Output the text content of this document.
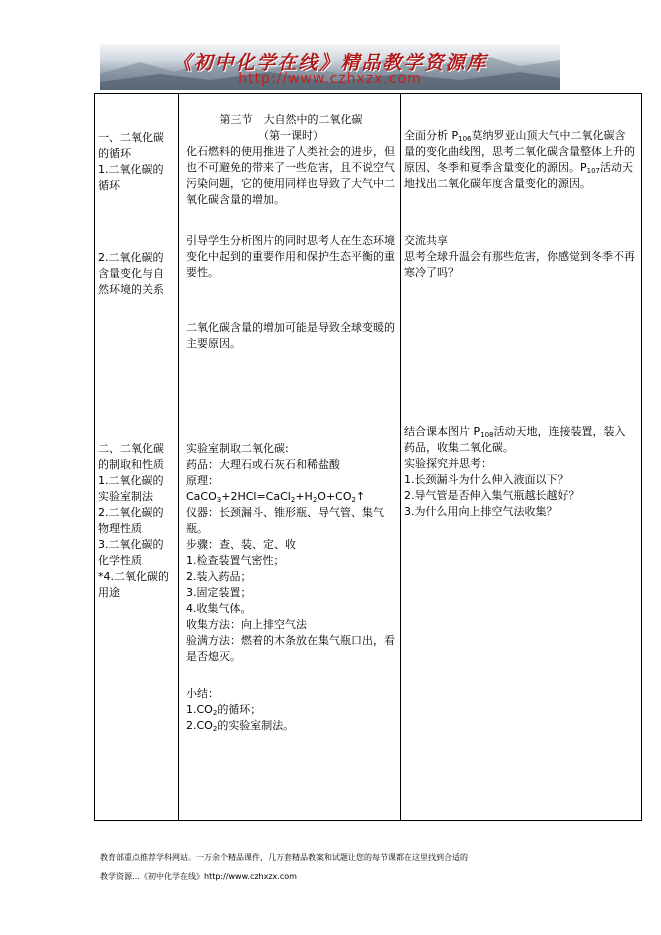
《初中化学在线》精品教学资源库
http://www.czhxzx.com

一、二氧化碳

的循环

1.二氧化碳的

循环

2.二氧化碳的

含量变化与自

然环境的关系

二、二氧化碳

的制取和性质

1.二氧化碳的

实验室制法

2.二氧化碳的

物理性质

3.二氧化碳的

化学性质

*4.二氧化碳的

用途

第三节　大自然中的二氧化碳

（第一课时）

化石燃料的使用推进了人类社会的进步，但也不可避免的带来了一些危害，且不说空气污染问题，它的使用同样也导致了大气中二氧化碳含量的增加。

引导学生分析图片的同时思考人在生态环境变化中起到的重要作用和保护生态平衡的重要性。

二氧化碳含量的增加可能是导致全球变暖的主要原因。

实验室制取二氧化碳:

药品：大理石或石灰石和稀盐酸

原理：$CaCO_3+2HCl=CaCl_2+H_2O+CO_2↑$

仪器：长颈漏斗、锥形瓶、导气管、集气瓶。

步骤：查、装、定、收

1.检查装置气密性；

2.装入药品；

3.固定装置；

4.收集气体。

收集方法：向上排空气法

验满方法：燃着的木条放在集气瓶口出，看是否熄灭。

小结：

$1.CO_2$的循环；

$2.CO_2$的实验室制法。

全面分析 $P_{106}$莫纳罗亚山顶大气中二氧化碳含量的变化曲线图，思考二氧化碳含量整体上升的原因、冬季和夏季含量变化的源因。$P_{107}$活动天地找出二氧化碳年度含量变化的源因。

交流共享

思考全球升温会有那些危害，你感觉到冬季不再寒冷了吗？

结合课本图片 $P_{108}$活动天地，连接装置，装入药品，收集二氧化碳。

实验探究并思考：

1.长颈漏斗为什么伸入液面以下？

2.导气管是否伸入集气瓶越长越好？

3.为什么用向上排空气法收集？

教育部重点推荐学科网站。一万余个精品课件，几万套精品教案和试题让您的每节课都在这里找到合适的
教学资源…《初中化学在线》http://www.czhxzx.com
